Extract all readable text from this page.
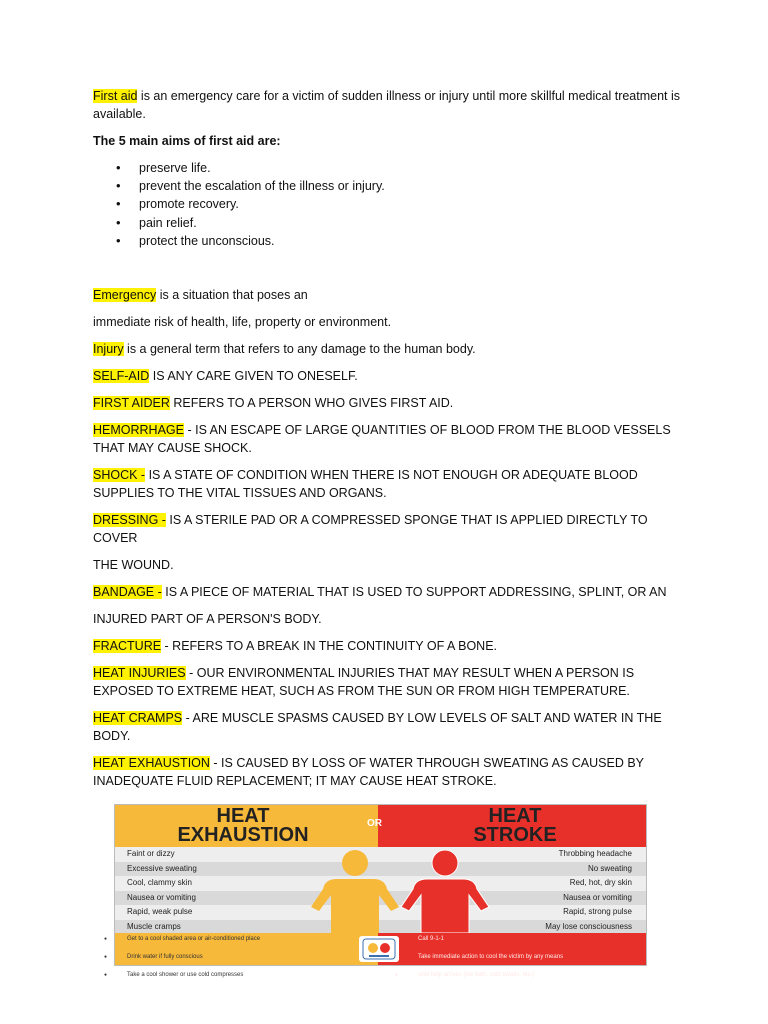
First aid is an emergency care for a victim of sudden illness or injury until more skillful medical treatment is available.

The 5 main aims of first aid are:

• preserve life.
• prevent the escalation of the illness or injury.
• promote recovery.
• pain relief.
• protect the unconscious.

Emergency is a situation that poses an

immediate risk of health, life, property or environment.

Injury is a general term that refers to any damage to the human body.

SELF-AID IS ANY CARE GIVEN TO ONESELF.

FIRST AIDER REFERS TO A PERSON WHO GIVES FIRST AID.

HEMORRHAGE - IS AN ESCAPE OF LARGE QUANTITIES OF BLOOD FROM THE BLOOD VESSELS THAT MAY CAUSE SHOCK.

SHOCK - IS A STATE OF CONDITION WHEN THERE IS NOT ENOUGH OR ADEQUATE BLOOD SUPPLIES TO THE VITAL TISSUES AND ORGANS.

DRESSING - IS A STERILE PAD OR A COMPRESSED SPONGE THAT IS APPLIED DIRECTLY TO COVER

THE WOUND.

BANDAGE - IS A PIECE OF MATERIAL THAT IS USED TO SUPPORT ADDRESSING, SPLINT, OR AN

INJURED PART OF A PERSON'S BODY.

FRACTURE - REFERS TO A BREAK IN THE CONTINUITY OF A BONE.

HEAT INJURIES - OUR ENVIRONMENTAL INJURIES THAT MAY RESULT WHEN A PERSON IS EXPOSED TO EXTREME HEAT, SUCH AS FROM THE SUN OR FROM HIGH TEMPERATURE.

HEAT CRAMPS - ARE MUSCLE SPASMS CAUSED BY LOW LEVELS OF SALT AND WATER IN THE BODY.

HEAT EXHAUSTION - IS CAUSED BY LOSS OF WATER THROUGH SWEATING AS CAUSED BY INADEQUATE FLUID REPLACEMENT; IT MAY CAUSE HEAT STROKE.

HEAT
EXHAUSTION
OR	HEAT
STROKE
Faint or dizzy	Throbbing headache
Excessive sweating	No sweating
Cool, clammy skin	Red, hot, dry skin
Nausea or vomiting	Nausea or vomiting
Rapid, weak pulse	Rapid, strong pulse
Muscle cramps	May lose consciousness
● Get to a cool shaded area or air-conditioned place
● Drink water if fully conscious
● Take a cool shower or use cold compresses
● Call 9-1-1
● Take immediate action to cool the victim by any means
● until help arrives (ice bath, cold towels, etc.)
